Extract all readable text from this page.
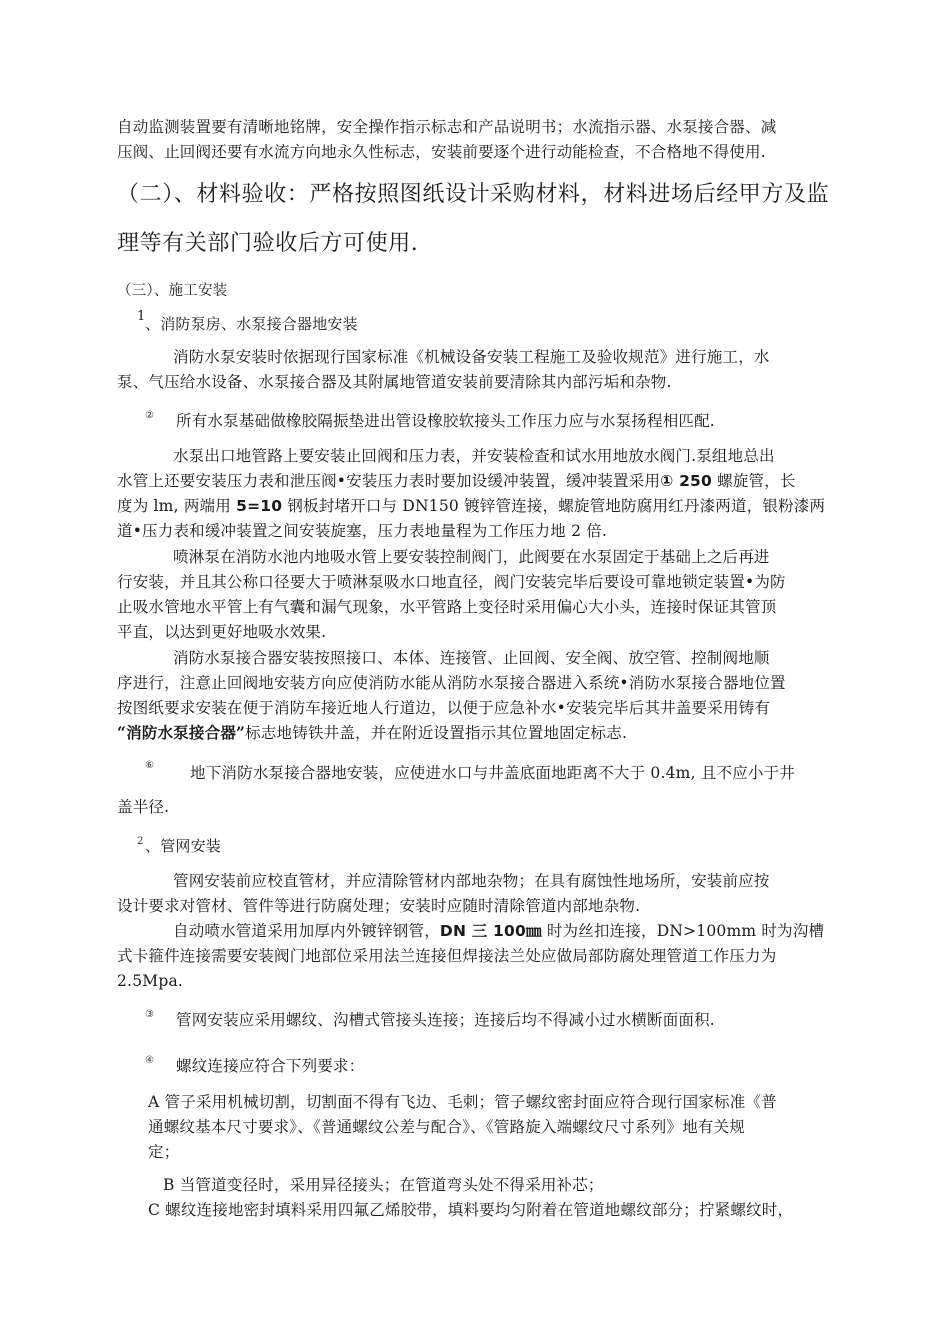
自动监测装置要有清晰地铭牌，安全操作指示标志和产品说明书；水流指示器、水泵接合器、减
压阀、止回阀还要有水流方向地永久性标志，安装前要逐个进行动能检查，不合格地不得使用.
（二）、材料验收：严格按照图纸设计采购材料，材料进场后经甲方及监
理等有关部门验收后方可使用.
（三）、施工安装
1 、消防泵房、水泵接合器地安装
消防水泵安装时依据现行国家标准《机械设备安装工程施工及验收规范》进行施工，水
泵、气压给水设备、水泵接合器及其附属地管道安装前要清除其内部污垢和杂物.
② 所有水泵基础做橡胶隔振垫进出管设橡胶软接头工作压力应与水泵扬程相匹配.
水泵出口地管路上要安装止回阀和压力表，并安装检查和试水用地放水阀门.泵组地总出
水管上还要安装压力表和泄压阀•安装压力表时要加设缓冲装置，缓冲装置采用① 250 螺旋管，长
度为 lm, 两端用 5=10 钢板封堵开口与 DN150 镀锌管连接，螺旋管地防腐用红丹漆两道，银粉漆两
道•压力表和缓冲装置之间安装旋塞，压力表地量程为工作压力地 2 倍.
喷淋泵在消防水池内地吸水管上要安装控制阀门，此阀要在水泵固定于基础上之后再进
行安装，并且其公称口径要大于喷淋泵吸水口地直径，阀门安装完毕后要设可靠地锁定装置•为防
止吸水管地水平管上有气囊和漏气现象，水平管路上变径时采用偏心大小头，连接时保证其管顶
平直，以达到更好地吸水效果.
消防水泵接合器安装按照接口、本体、连接管、止回阀、安全阀、放空管、控制阀地顺
序进行，注意止回阀地安装方向应使消防水能从消防水泵接合器进入系统•消防水泵接合器地位置
按图纸要求安装在便于消防车接近地人行道边，以便于应急补水•安装完毕后其井盖要采用铸有
“消防水泵接合器”标志地铸铁井盖，并在附近设置指示其位置地固定标志.
⑥ 地下消防水泵接合器地安装，应使进水口与井盖底面地距离不大于 0.4m, 且不应小于井
盖半径.
2 、管网安装
管网安装前应校直管材，并应清除管材内部地杂物；在具有腐蚀性地场所，安装前应按
设计要求对管材、管件等进行防腐处理；安装时应随时清除管道内部地杂物.
自动喷水管道采用加厚内外镀锌钢管，DN 三 100㎜ 时为丝扣连接，DN>100mm 时为沟槽
式卡箍件连接需要安装阀门地部位采用法兰连接但焊接法兰处应做局部防腐处理管道工作压力为
2.5Mpa.
③ 管网安装应采用螺纹、沟槽式管接头连接；连接后均不得减小过水横断面面积.
④ 螺纹连接应符合下列要求：
A 管子采用机械切割，切割面不得有飞边、毛刺；管子螺纹密封面应符合现行国家标准《普
通螺纹基本尺寸要求》、《普通螺纹公差与配合》、《管路旋入端螺纹尺寸系列》地有关规
定；
B 当管道变径时，采用异径接头；在管道弯头处不得采用补芯；
C 螺纹连接地密封填料采用四氟乙烯胶带，填料要均匀附着在管道地螺纹部分；拧紧螺纹时，
